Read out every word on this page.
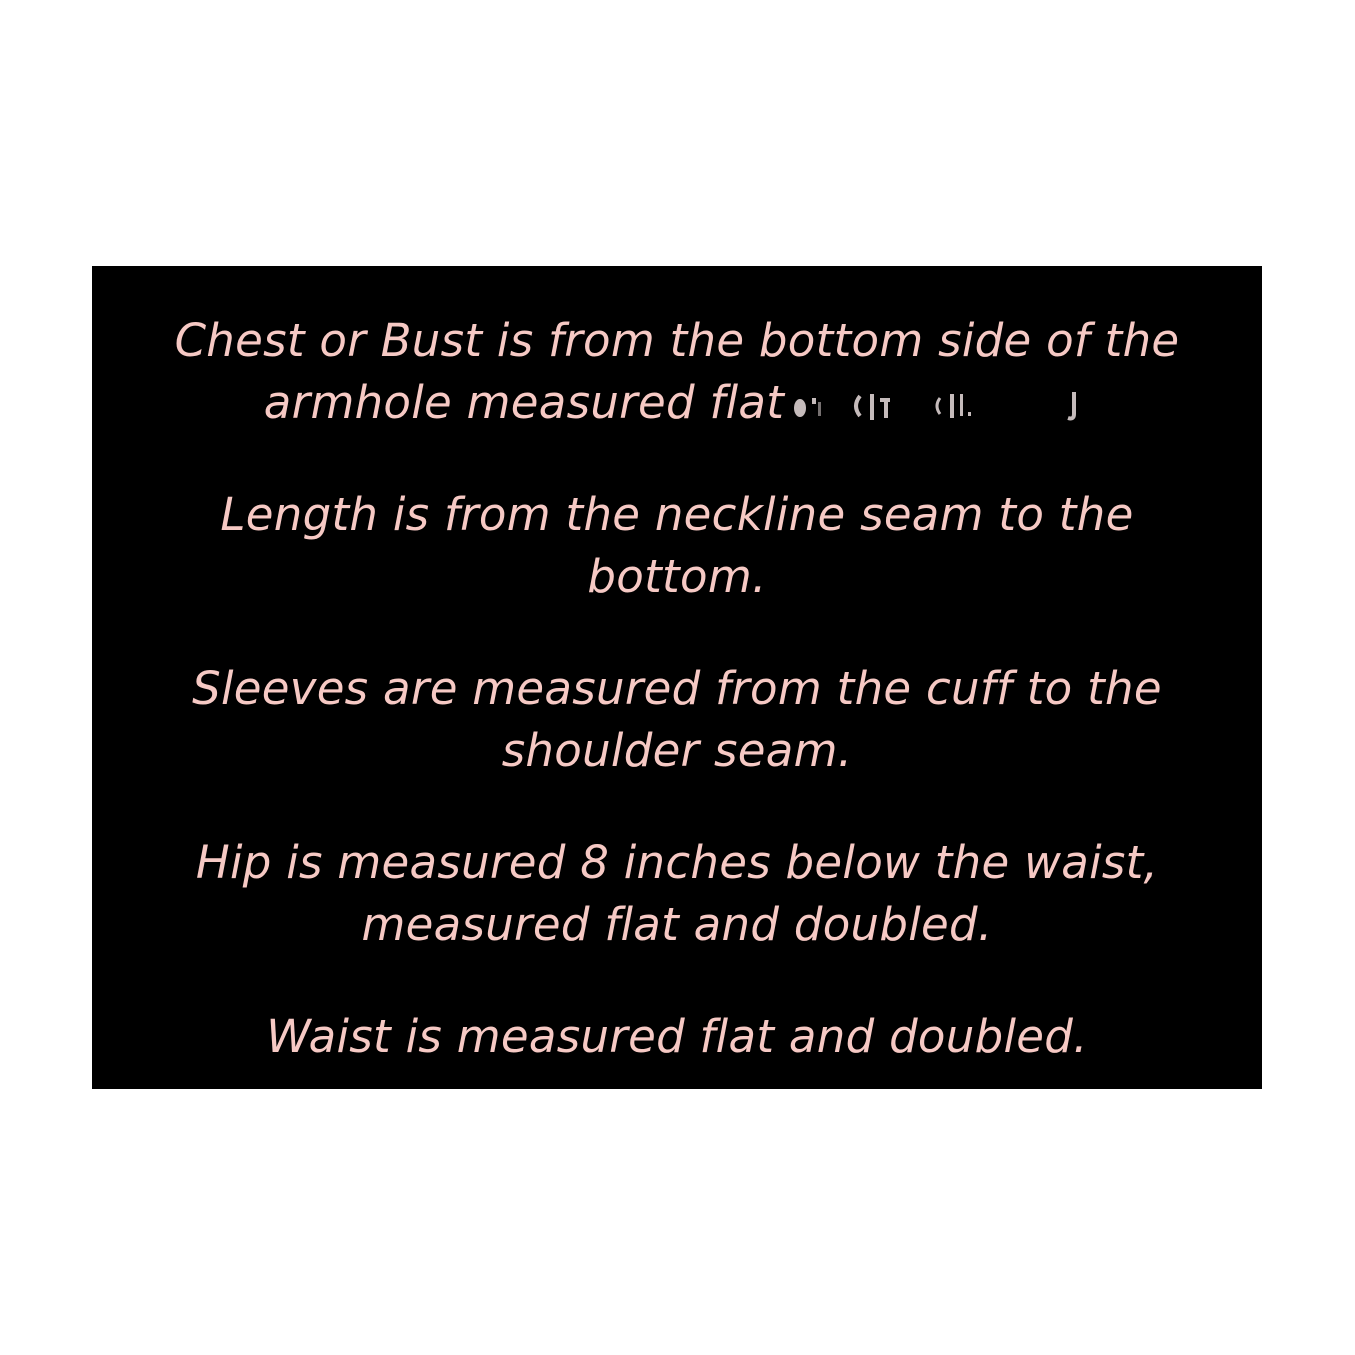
Chest or Bust is from the bottom side of the
armhole measured flat
Length is from the neckline seam to the
bottom.
Sleeves are measured from the cuff to the
shoulder seam.
Hip is measured 8 inches below the waist,
measured flat and doubled.
Waist is measured flat and doubled.
